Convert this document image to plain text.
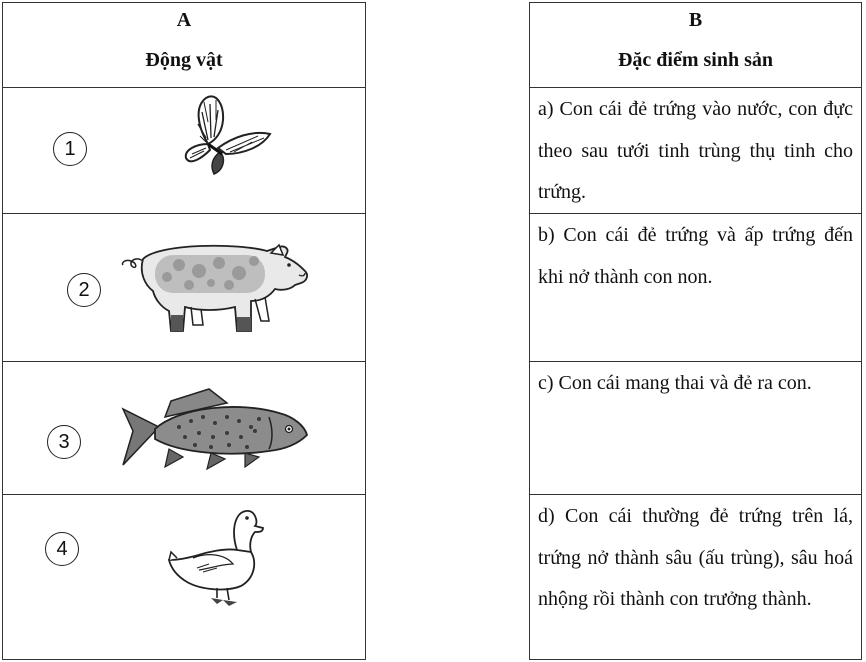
A
Động vật
1
2
3
4
B
Đặc điểm sinh sản
a) Con cái đẻ trứng vào nước, con đực theo sau tưới tinh trùng thụ tinh cho trứng.
b) Con cái đẻ trứng và ấp trứng đến khi nở thành con non.
c) Con cái mang thai và đẻ ra con.
d) Con cái thường đẻ trứng trên lá, trứng nở thành sâu (ấu trùng), sâu hoá nhộng rồi thành con trưởng thành.
